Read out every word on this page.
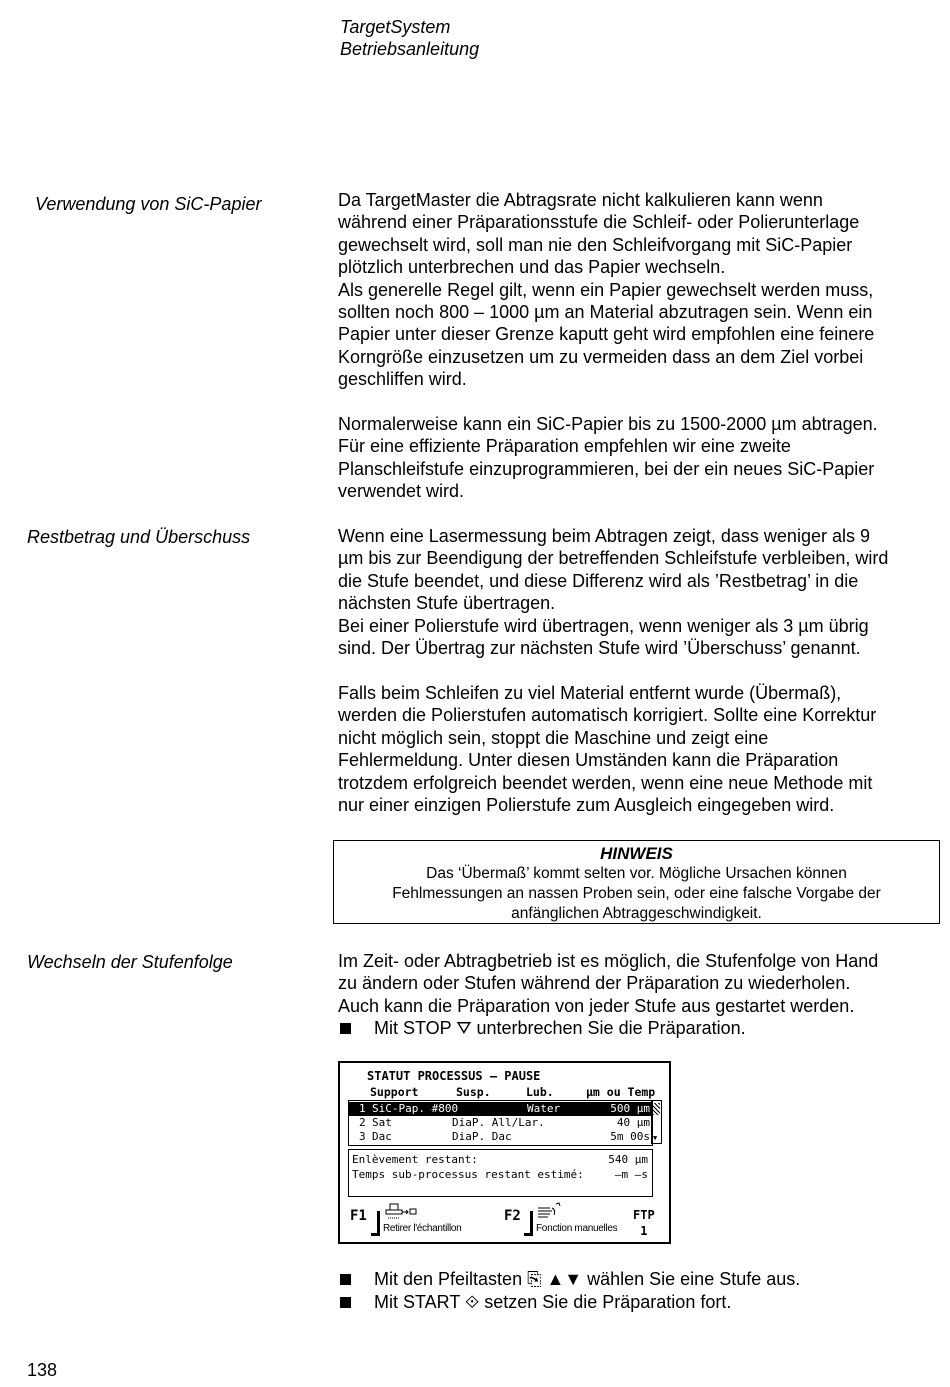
TargetSystem
Betriebsanleitung
Verwendung von SiC-Papier	Da TargetMaster die Abtragsrate nicht kalkulieren kann wenn
während einer Präparationsstufe die Schleif- oder Polierunterlage
gewechselt wird, soll man nie den Schleifvorgang mit SiC-Papier
plötzlich unterbrechen und das Papier wechseln.
Als generelle Regel gilt, wenn ein Papier gewechselt werden muss,
sollten noch 800 – 1000 µm an Material abzutragen sein. Wenn ein
Papier unter dieser Grenze kaputt geht wird empfohlen eine feinere
Korngröße einzusetzen um zu vermeiden dass an dem Ziel vorbei
geschliffen wird.
Normalerweise kann ein SiC-Papier bis zu 1500-2000 µm abtragen.
Für eine effiziente Präparation empfehlen wir eine zweite
Planschleifstufe einzuprogrammieren, bei der ein neues SiC-Papier
verwendet wird.
Restbetrag und Überschuss	Wenn eine Lasermessung beim Abtragen zeigt, dass weniger als 9
µm bis zur Beendigung der betreffenden Schleifstufe verbleiben, wird
die Stufe beendet, und diese Differenz wird als ’Restbetrag’ in die
nächsten Stufe übertragen.
Bei einer Polierstufe wird übertragen, wenn weniger als 3 µm übrig
sind. Der Übertrag zur nächsten Stufe wird ’Überschuss’ genannt.
Falls beim Schleifen zu viel Material entfernt wurde (Übermaß),
werden die Polierstufen automatisch korrigiert. Sollte eine Korrektur
nicht möglich sein, stoppt die Maschine und zeigt eine
Fehlermeldung. Unter diesen Umständen kann die Präparation
trotzdem erfolgreich beendet werden, wenn eine neue Methode mit
nur einer einzigen Polierstufe zum Ausgleich eingegeben wird.
HINWEIS
Das ‘Übermaß’ kommt selten vor. Mögliche Ursachen können
Fehlmessungen an nassen Proben sein, oder eine falsche Vorgabe der
anfänglichen Abtraggeschwindigkeit.
Wechseln der Stufenfolge	Im Zeit- oder Abtragbetrieb ist es möglich, die Stufenfolge von Hand
zu ändern oder Stufen während der Präparation zu wiederholen.
Auch kann die Präparation von jeder Stufe aus gestartet werden.
Mit STOP ⛛ unterbrechen Sie die Präparation.
STATUT PROCESSUS – PAUSE
Support	Susp.	Lub.	µm ou Temp
1 SiC-Pap. #800	Water	500 µm
2 Sat	DiaP. All/Lar.	40 µm
3 Dac	DiaP. Dac	5m 00s ▼
Enlèvement restant:	540 µm
Temps sub-processus restant estimé:	–m –s
F1
Retirer l'échantillon
F2
Fonction manuelles
FTP
1
Mit den Pfeiltasten ⎘ ▲▼ wählen Sie eine Stufe aus.
Mit START ⟐ setzen Sie die Präparation fort.
138
